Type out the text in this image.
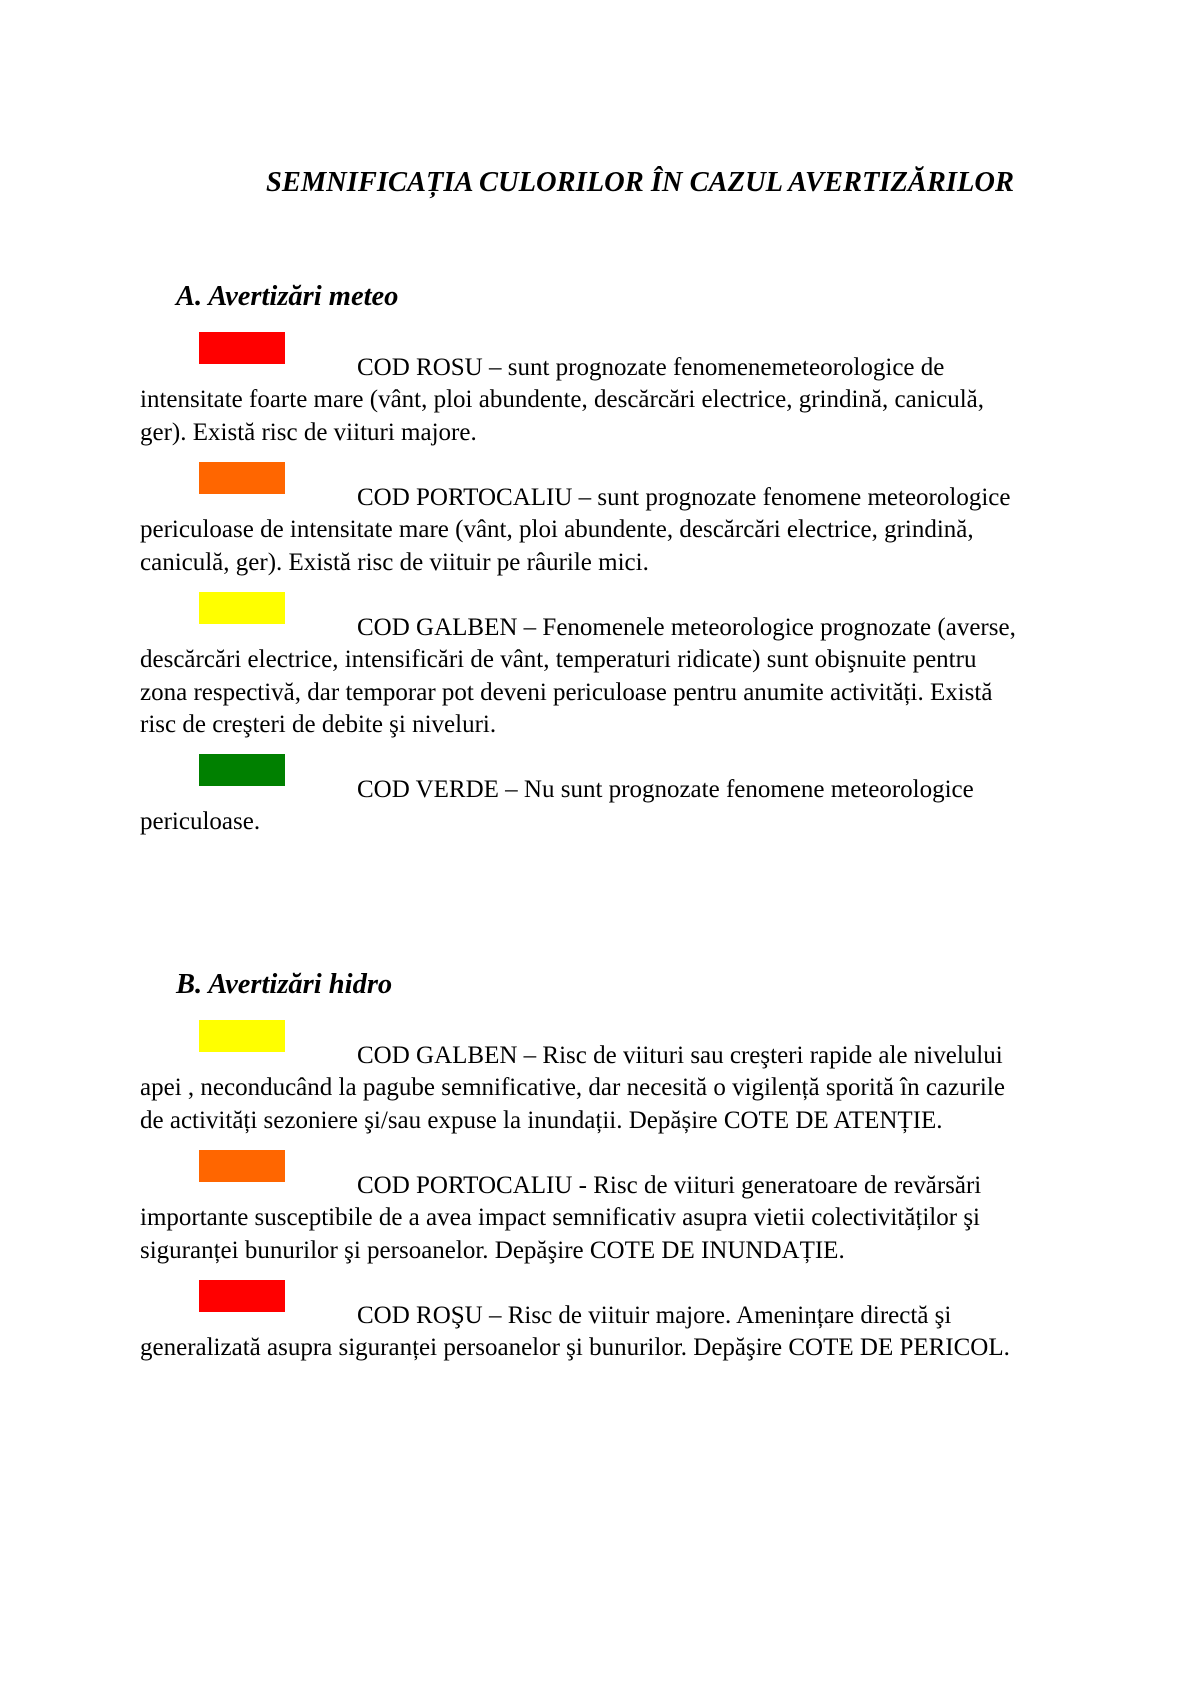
SEMNIFICAȚIA CULORILOR ÎN CAZUL AVERTIZĂRILOR
A. Avertizări meteo

COD ROSU – sunt prognozate fenomenemeteorologice de
intensitate foarte mare (vânt, ploi abundente, descărcări electrice, grindină, caniculă,
ger). Există risc de viituri majore.

COD PORTOCALIU – sunt prognozate fenomene meteorologice
periculoase de intensitate mare (vânt, ploi abundente, descărcări electrice, grindină,
caniculă, ger). Există risc de viituir pe râurile mici.

COD GALBEN – Fenomenele meteorologice prognozate (averse,
descărcări electrice, intensificări de vânt, temperaturi ridicate) sunt obişnuite pentru
zona respectivă, dar temporar pot deveni periculoase pentru anumite activități. Există
risc de creşteri de debite şi niveluri.

COD VERDE – Nu sunt prognozate fenomene meteorologice
periculoase.

B. Avertizări hidro

COD GALBEN – Risc de viituri sau creşteri rapide ale nivelului
apei , neconducând la pagube semnificative, dar necesită o vigilență sporită în cazurile
de activități sezoniere şi/sau expuse la inundații. Depășire COTE DE ATENȚIE.

COD PORTOCALIU - Risc de viituri generatoare de revărsări
importante susceptibile de a avea impact semnificativ asupra vietii colectivităților şi
siguranței bunurilor şi persoanelor. Depăşire COTE DE INUNDAȚIE.

COD ROŞU – Risc de viituir majore. Amenințare directă şi
generalizată asupra siguranței persoanelor şi bunurilor. Depăşire COTE DE PERICOL.
